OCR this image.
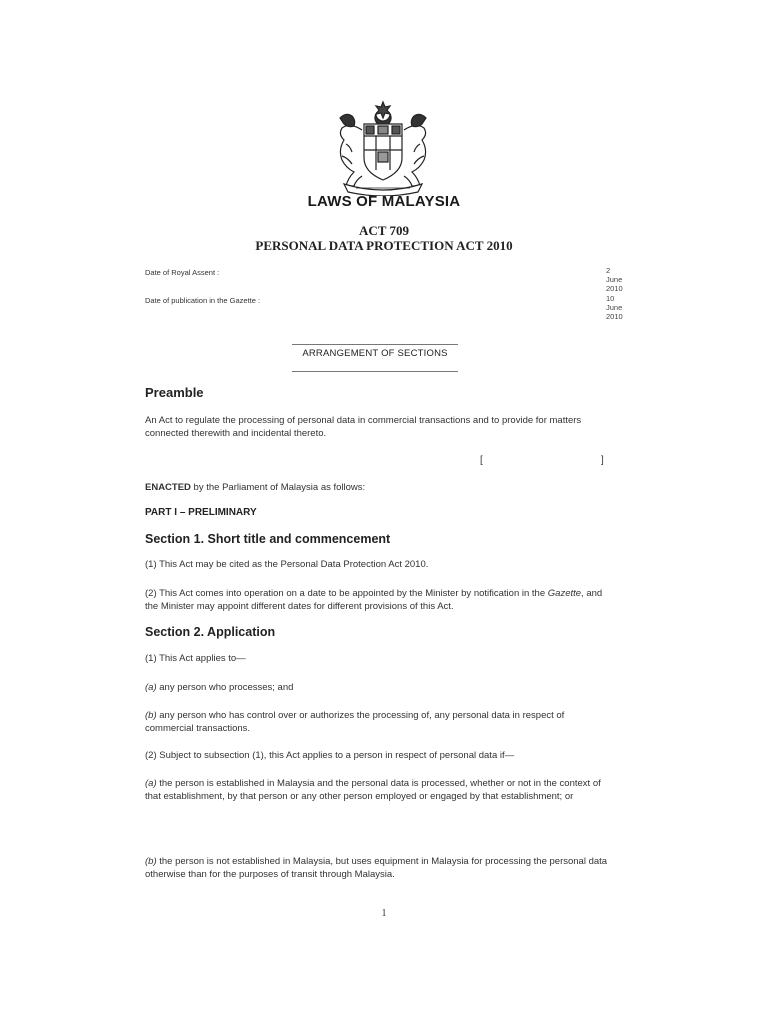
LAWS OF MALAYSIA
ACT 709
PERSONAL DATA PROTECTION ACT 2010
Date of Royal Assent :	2
June
2010
Date of publication in the Gazette :	10
June
2010
ARRANGEMENT OF SECTIONS
Preamble
An Act to regulate the processing of personal data in commercial transactions and to provide for matters connected therewith and incidental thereto.
[	]
ENACTED by the Parliament of Malaysia as follows:
PART I – PRELIMINARY
Section 1. Short title and commencement
(1) This Act may be cited as the Personal Data Protection Act 2010.
(2) This Act comes into operation on a date to be appointed by the Minister by notification in the Gazette, and the Minister may appoint different dates for different provisions of this Act.
Section 2. Application
(1) This Act applies to—
(a) any person who processes; and
(b) any person who has control over or authorizes the processing of, any personal data in respect of commercial transactions.
(2) Subject to subsection (1), this Act applies to a person in respect of personal data if—
(a) the person is established in Malaysia and the personal data is processed, whether or not in the context of that establishment, by that person or any other person employed or engaged by that establishment; or
(b) the person is not established in Malaysia, but uses equipment in Malaysia for processing the personal data otherwise than for the purposes of transit through Malaysia.
1
